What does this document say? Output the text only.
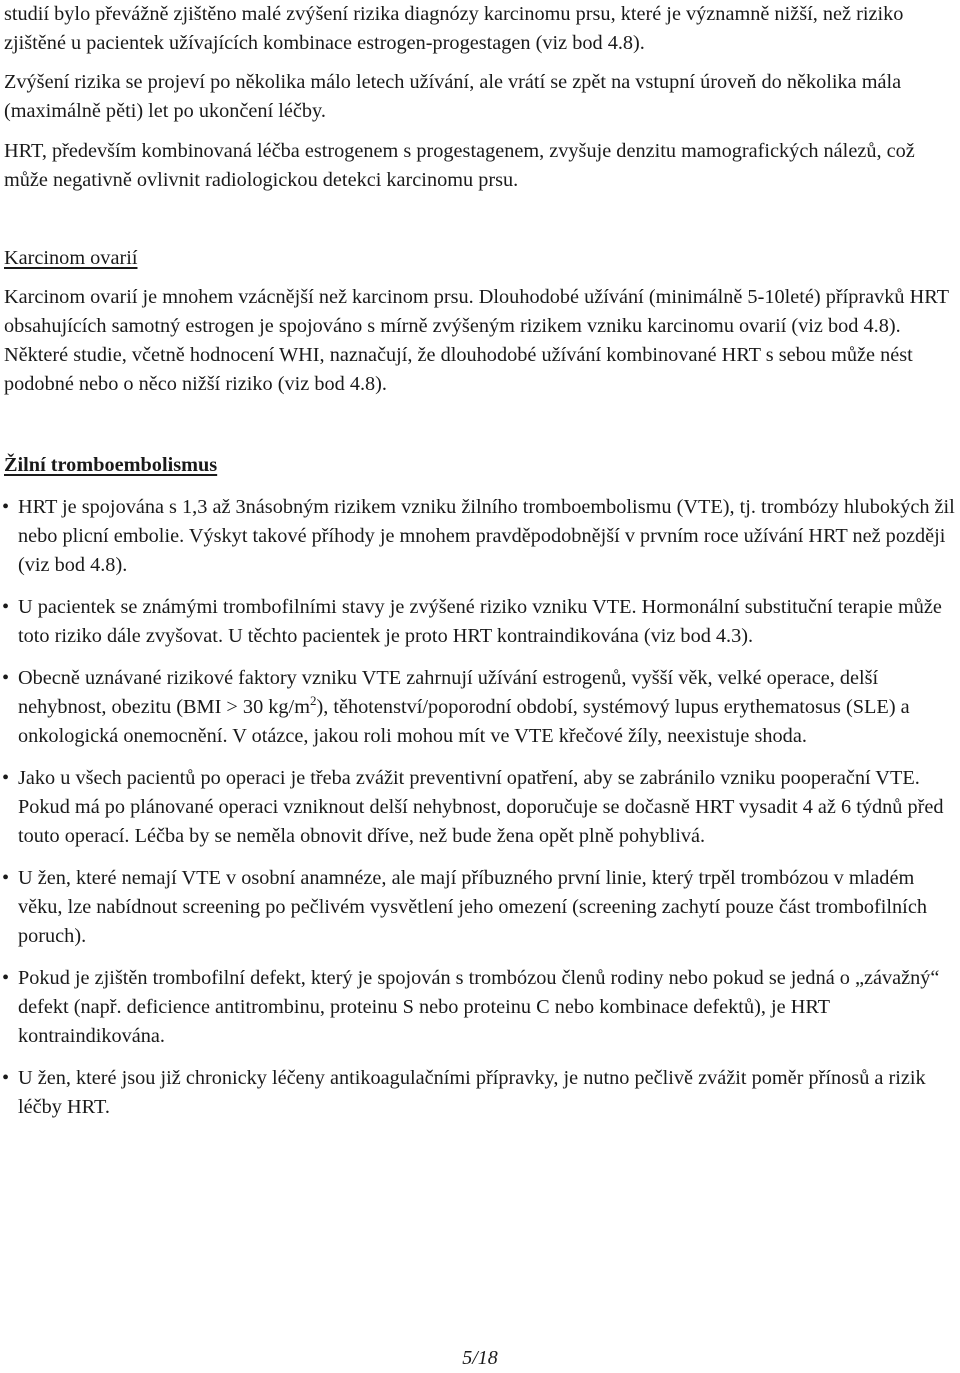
studií bylo převážně zjištěno malé zvýšení rizika diagnózy karcinomu prsu, které je významně nižší, než riziko zjištěné u pacientek užívajících kombinace estrogen-progestagen (viz bod 4.8).

Zvýšení rizika se projeví po několika málo letech užívání, ale vrátí se zpět na vstupní úroveň do několika mála (maximálně pěti) let po ukončení léčby.

HRT, především kombinovaná léčba estrogenem s progestagenem, zvyšuje denzitu mamografických nálezů, což může negativně ovlivnit radiologickou detekci karcinomu prsu.

Karcinom ovarií

Karcinom ovarií je mnohem vzácnější než karcinom prsu. Dlouhodobé užívání (minimálně 5-10leté) přípravků HRT obsahujících samotný estrogen je spojováno s mírně zvýšeným rizikem vzniku karcinomu ovarií (viz bod 4.8). Některé studie, včetně hodnocení WHI, naznačují, že dlouhodobé užívání kombinované HRT s sebou může nést podobné nebo o něco nižší riziko (viz bod 4.8).

Žilní tromboembolismus

• HRT je spojována s 1,3 až 3násobným rizikem vzniku žilního tromboembolismu (VTE), tj. trombózy hlubokých žil nebo plicní embolie. Výskyt takové příhody je mnohem pravděpodobnější v prvním roce užívání HRT než později (viz bod 4.8).
• U pacientek se známými trombofilními stavy je zvýšené riziko vzniku VTE. Hormonální substituční terapie může toto riziko dále zvyšovat. U těchto pacientek je proto HRT kontraindikována (viz bod 4.3).
• Obecně uznávané rizikové faktory vzniku VTE zahrnují užívání estrogenů, vyšší věk, velké operace, delší nehybnost, obezitu (BMI > 30 $kg/m^2$), těhotenství/poporodní období, systémový lupus erythematosus (SLE) a onkologická onemocnění. V otázce, jakou roli mohou mít ve VTE křečové žíly, neexistuje shoda.
• Jako u všech pacientů po operaci je třeba zvážit preventivní opatření, aby se zabránilo vzniku pooperační VTE. Pokud má po plánované operaci vzniknout delší nehybnost, doporučuje se dočasně HRT vysadit 4 až 6 týdnů před touto operací. Léčba by se neměla obnovit dříve, než bude žena opět plně pohyblivá.
• U žen, které nemají VTE v osobní anamnéze, ale mají příbuzného první linie, který trpěl trombózou v mladém věku, lze nabídnout screening po pečlivém vysvětlení jeho omezení (screening zachytí pouze část trombofilních poruch).
• Pokud je zjištěn trombofilní defekt, který je spojován s trombózou členů rodiny nebo pokud se jedná o „závažný“ defekt (např. deficience antitrombinu, proteinu S nebo proteinu C nebo kombinace defektů), je HRT kontraindikována.
• U žen, které jsou již chronicky léčeny antikoagulačními přípravky, je nutno pečlivě zvážit poměr přínosů a rizik léčby HRT.
5/18
